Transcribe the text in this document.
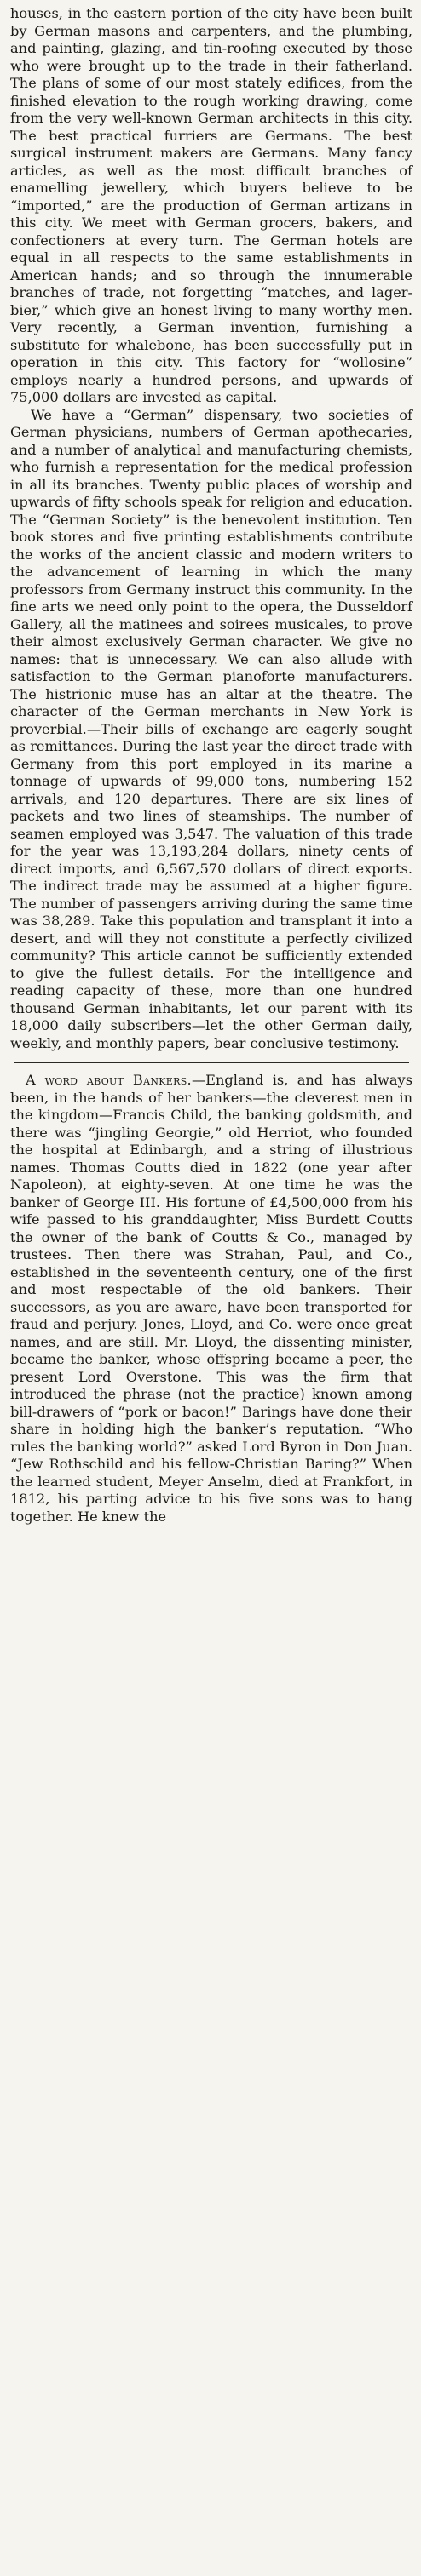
houses, in the eastern portion of the city have been built by German masons and carpenters, and the plumbing, and painting, glazing, and tin-roofing executed by those who were brought up to the trade in their fatherland. The plans of some of our most stately edifices, from the finished elevation to the rough working drawing, come from the very well-known German architects in this city. The best practical furriers are Germans. The best surgical instrument makers are Germans. Many fancy articles, as well as the most difficult branches of enamelling jewellery, which buyers believe to be “imported,” are the production of German artizans in this city. We meet with German grocers, bakers, and confectioners at every turn. The German hotels are equal in all respects to the same establishments in American hands; and so through the innumerable branches of trade, not forgetting “matches, and lager-bier,” which give an honest living to many worthy men. Very recently, a German invention, furnishing a substitute for whalebone, has been successfully put in operation in this city. This factory for “wollosine” employs nearly a hundred persons, and upwards of 75,000 dollars are invested as capital.

We have a “German” dispensary, two societies of German physicians, numbers of German apothecaries, and a number of analytical and manufacturing chemists, who furnish a representation for the medical profession in all its branches. Twenty public places of worship and upwards of fifty schools speak for religion and education. The “German Society” is the benevolent institution. Ten book stores and five printing establishments contribute the works of the ancient classic and modern writers to the advancement of learning in which the many professors from Germany instruct this community. In the fine arts we need only point to the opera, the Dusseldorf Gallery, all the matinees and soirees musicales, to prove their almost exclusively German character. We give no names: that is unnecessary. We can also allude with satisfaction to the German pianoforte manufacturers. The histrionic muse has an altar at the theatre. The character of the German merchants in New York is proverbial.—Their bills of exchange are eagerly sought as remittances. During the last year the direct trade with Germany from this port employed in its marine a tonnage of upwards of 99,000 tons, numbering 152 arrivals, and 120 departures. There are six lines of packets and two lines of steamships. The number of seamen employed was 3,547. The valuation of this trade for the year was 13,193,284 dollars, ninety cents of direct imports, and 6,567,570 dollars of direct exports. The indirect trade may be assumed at a higher figure. The number of passengers arriving during the same time was 38,289. Take this population and transplant it into a desert, and will they not constitute a perfectly civilized community? This article cannot be sufficiently extended to give the fullest details. For the intelligence and reading capacity of these, more than one hundred thousand German inhabitants, let our parent with its 18,000 daily subscribers—let the other German daily, weekly, and monthly papers, bear conclusive testimony.

A word about Bankers.—England is, and has always been, in the hands of her bankers—the cleverest men in the kingdom—Francis Child, the banking goldsmith, and there was “jingling Georgie,” old Herriot, who founded the hospital at Edinbargh, and a string of illustrious names. Thomas Coutts died in 1822 (one year after Napoleon), at eighty-seven. At one time he was the banker of George III. His fortune of £4,500,000 from his wife passed to his granddaughter, Miss Burdett Coutts the owner of the bank of Coutts & Co., managed by trustees. Then there was Strahan, Paul, and Co., established in the seventeenth century, one of the first and most respectable of the old bankers. Their successors, as you are aware, have been transported for fraud and perjury. Jones, Lloyd, and Co. were once great names, and are still. Mr. Lloyd, the dissenting minister, became the banker, whose offspring became a peer, the present Lord Overstone. This was the firm that introduced the phrase (not the practice) known among bill-drawers of “pork or bacon!” Barings have done their share in holding high the banker’s reputation. “Who rules the banking world?” asked Lord Byron in Don Juan. “Jew Rothschild and his fellow-Christian Baring?” When the learned student, Meyer Anselm, died at Frankfort, in 1812, his parting advice to his five sons was to hang together. He knew the
